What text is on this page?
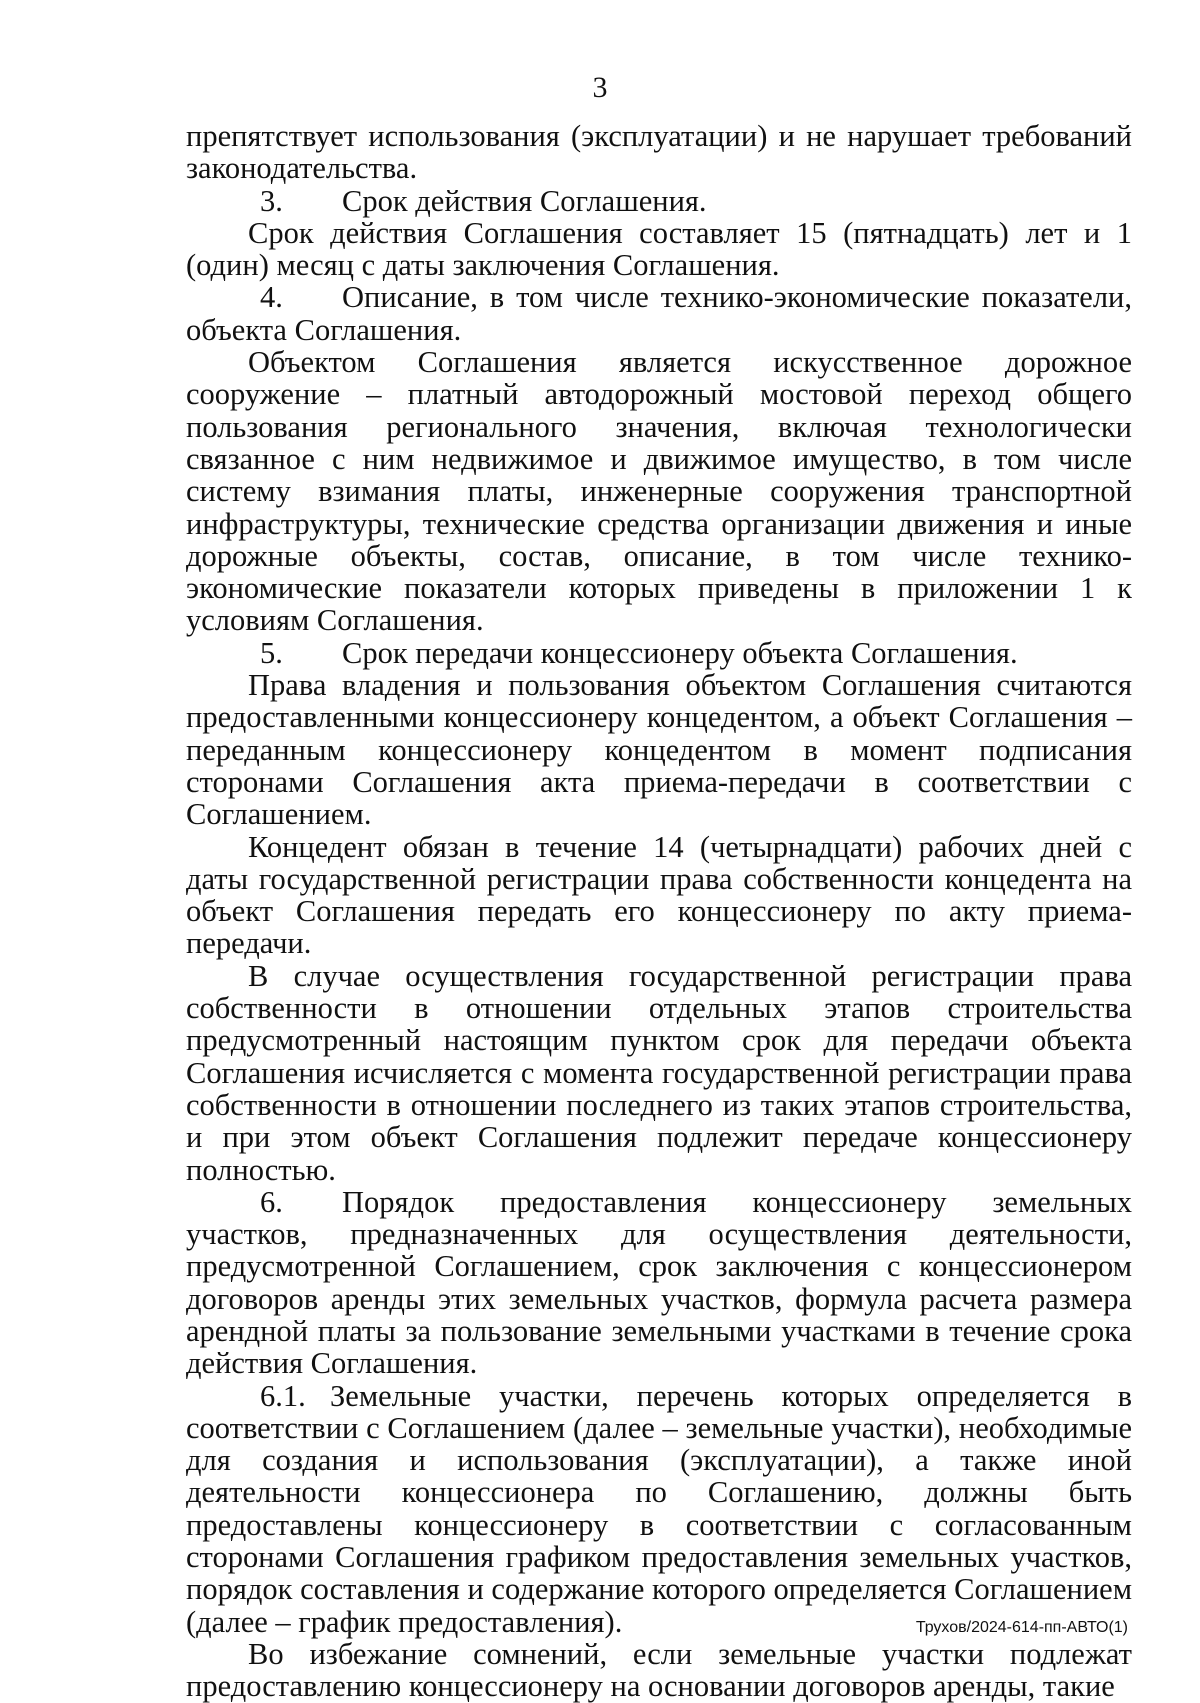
3

препятствует использования (эксплуатации) и не нарушает требований законодательства.

3. Срок действия Соглашения.

Срок действия Соглашения составляет 15 (пятнадцать) лет и 1 (один) месяц с даты заключения Соглашения.

4. Описание, в том числе технико-экономические показатели, объекта Соглашения.

Объектом Соглашения является искусственное дорожное сооружение – платный автодорожный мостовой переход общего пользования регионального значения, включая технологически связанное с ним недвижимое и движимое имущество, в том числе систему взимания платы, инженерные сооружения транспортной инфраструктуры, технические средства организации движения и иные дорожные объекты, состав, описание, в том числе технико-экономические показатели которых приведены в приложении 1 к условиям Соглашения.

5. Срок передачи концессионеру объекта Соглашения.

Права владения и пользования объектом Соглашения считаются предоставленными концессионеру концедентом, а объект Соглашения – переданным концессионеру концедентом в момент подписания сторонами Соглашения акта приема-передачи в соответствии с Соглашением.

Концедент обязан в течение 14 (четырнадцати) рабочих дней с даты государственной регистрации права собственности концедента на объект Соглашения передать его концессионеру по акту приема-передачи.

В случае осуществления государственной регистрации права собственности в отношении отдельных этапов строительства предусмотренный настоящим пунктом срок для передачи объекта Соглашения исчисляется с момента государственной регистрации права собственности в отношении последнего из таких этапов строительства, и при этом объект Соглашения подлежит передаче концессионеру полностью.

6. Порядок предоставления концессионеру земельных участков, предназначенных для осуществления деятельности, предусмотренной Соглашением, срок заключения с концессионером договоров аренды этих земельных участков, формула расчета размера арендной платы за пользование земельными участками в течение срока действия Соглашения.

6.1. Земельные участки, перечень которых определяется в соответствии с Соглашением (далее – земельные участки), необходимые для создания и использования (эксплуатации), а также иной деятельности концессионера по Соглашению, должны быть предоставлены концессионеру в соответствии с согласованным сторонами Соглашения графиком предоставления земельных участков, порядок составления и содержание которого определяется Соглашением (далее – график предоставления).

Во избежание сомнений, если земельные участки подлежат предоставлению концессионеру на основании договоров аренды, такие

Трухов/2024-614-пп-АВТО(1)
